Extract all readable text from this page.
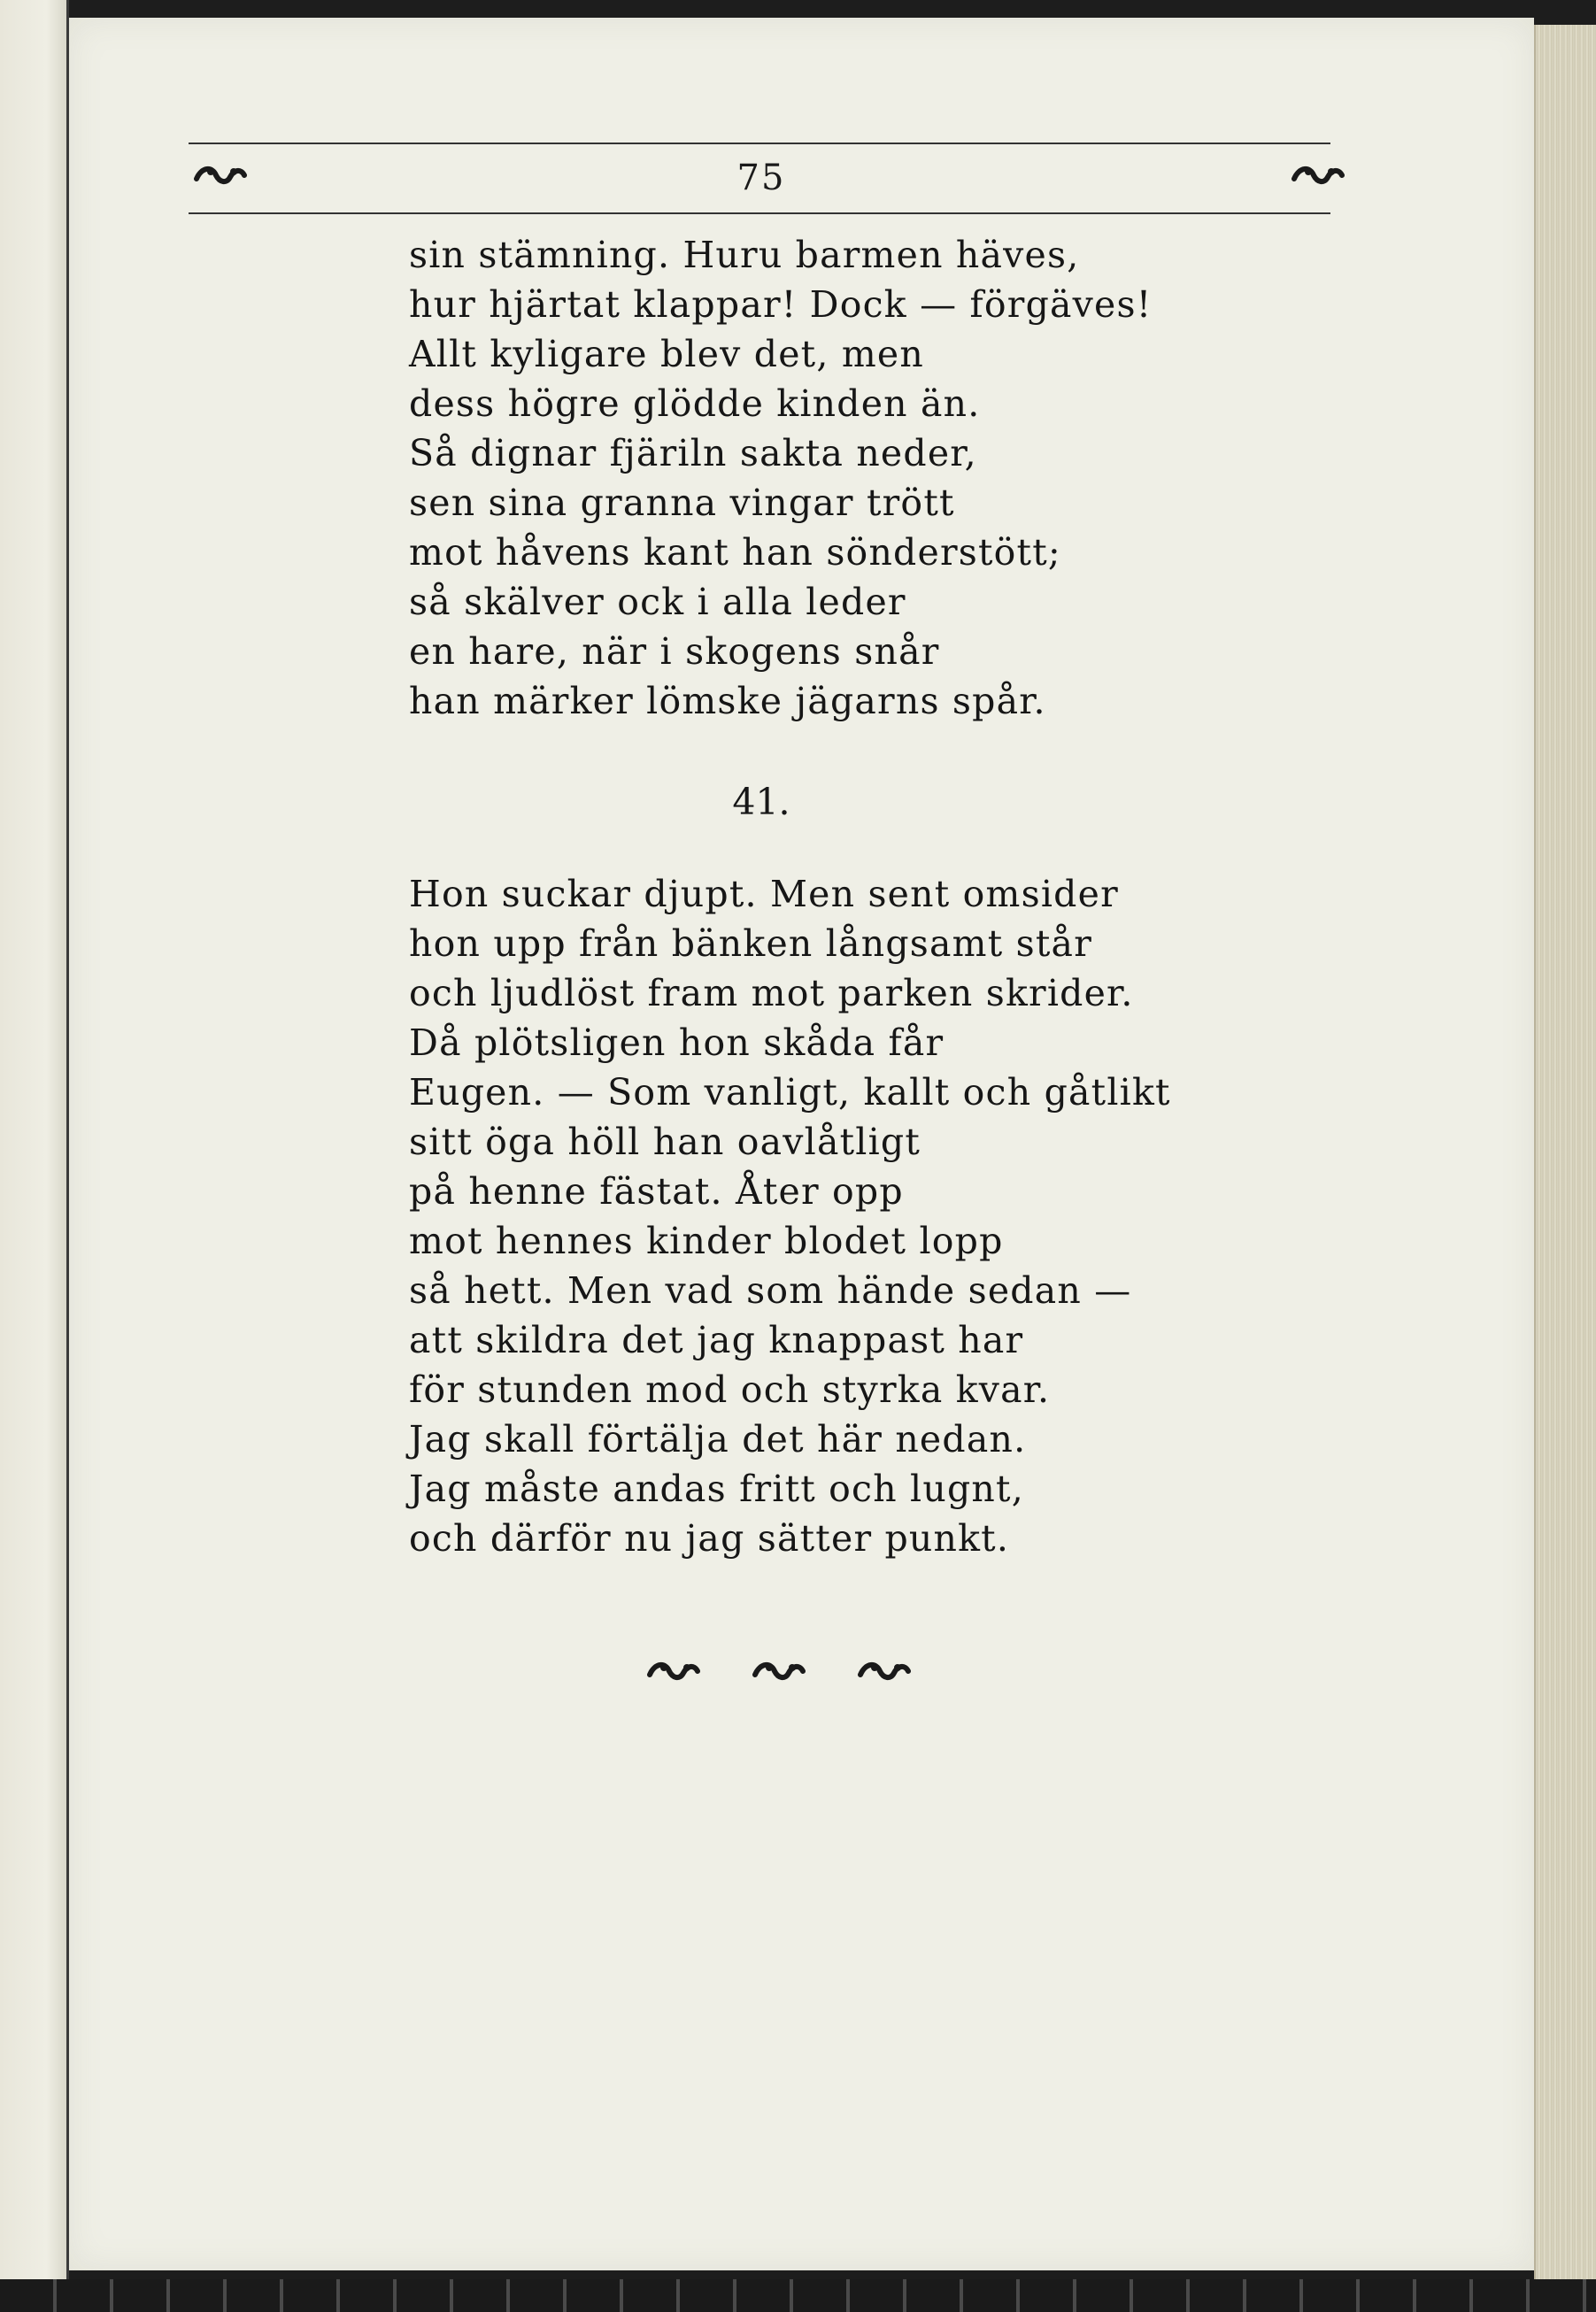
75
sin stämning. Huru barmen häves,
hur hjärtat klappar! Dock — förgäves!
Allt kyligare blev det, men
dess högre glödde kinden än.
Så dignar fjäriln sakta neder,
sen sina granna vingar trött
mot håvens kant han sönderstött;
så skälver ock i alla leder
en hare, när i skogens snår
han märker lömske jägarns spår.
41.
Hon suckar djupt. Men sent omsider
hon upp från bänken långsamt står
och ljudlöst fram mot parken skrider.
Då plötsligen hon skåda får
Eugen. — Som vanligt, kallt och gåtlikt
sitt öga höll han oavlåtligt
på henne fästat. Åter opp
mot hennes kinder blodet lopp
så hett. Men vad som hände sedan —
att skildra det jag knappast har
för stunden mod och styrka kvar.
Jag skall förtälja det här nedan.
Jag måste andas fritt och lugnt,
och därför nu jag sätter punkt.
